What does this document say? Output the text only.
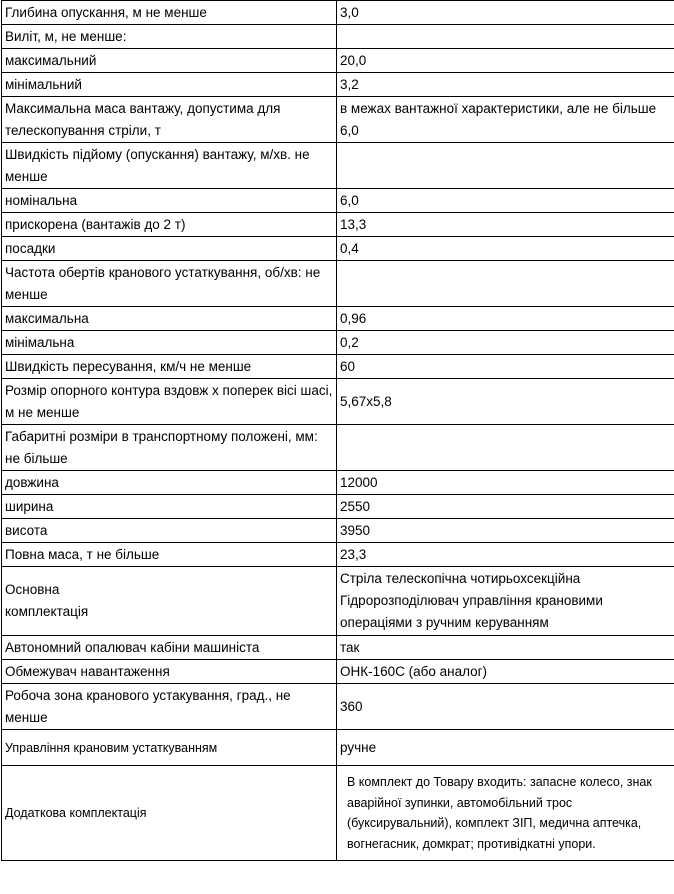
Глибина опускання, м не менше	3,0
Виліт, м, не менше:	
максимальний	20,0
мінімальний	3,2
Максимальна маса вантажу, допустима для телескопування стріли, т	в межах вантажної характеристики, але не більше 6,0
Швидкість підйому (опускання) вантажу, м/хв. не менше	
номінальна	6,0
прискорена (вантажів до 2 т)	13,3
посадки	0,4
Частота обертів кранового устаткування, об/хв: не менше	
максимальна	0,96
мінімальна	0,2
Швидкість пересування, км/ч не менше	60
Розмір опорного контура вздовж х поперек вісі шасі, м не менше	5,67х5,8
Габаритні розміри в транспортному положені, мм: не більше	
довжина	12000
ширина	2550
висота	3950
Повна маса, т не більше	23,3
Основна комплектація	Стріла телескопічна чотирьохсекційна Гідророзподілювач управління крановими операціями з ручним керуванням
Автономний опалювач кабіни машиніста	так
Обмежувач навантаження	ОНК-160С (або аналог)
Робоча зона кранового устакування, град., не менше	360
Управління крановим устаткуванням	ручне
Додаткова комплектація	В комплект до Товару входить: запасне колесо, знак аварійної зупинки, автомобільний трос (буксирувальний), комплект ЗІП, медична аптечка, вогнегасник, домкрат; противідкатні упори.
